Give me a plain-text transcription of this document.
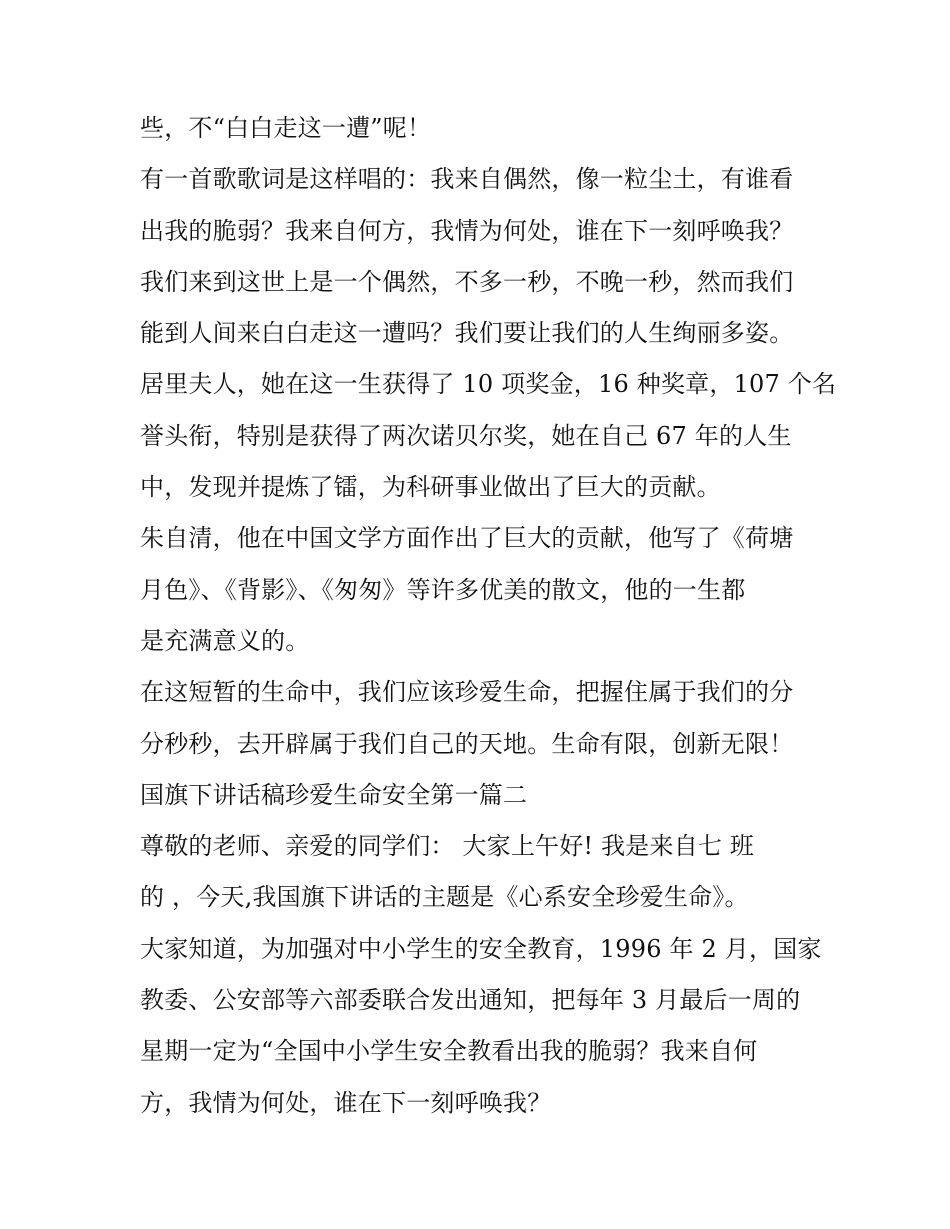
些，不“白白走这一遭”呢！
有一首歌歌词是这样唱的：我来自偶然，像一粒尘土，有谁看
出我的脆弱？我来自何方，我情为何处，谁在下一刻呼唤我？
我们来到这世上是一个偶然，不多一秒，不晚一秒，然而我们
能到人间来白白走这一遭吗？我们要让我们的人生绚丽多姿。
居里夫人，她在这一生获得了 10 项奖金，16 种奖章，107 个名
誉头衔，特别是获得了两次诺贝尔奖，她在自己 67 年的人生
中，发现并提炼了镭，为科研事业做出了巨大的贡献。
朱自清，他在中国文学方面作出了巨大的贡献，他写了《荷塘
月色》、《背影》、《匆匆》等许多优美的散文，他的一生都
是充满意义的。
在这短暂的生命中，我们应该珍爱生命，把握住属于我们的分
分秒秒，去开辟属于我们自己的天地。生命有限，创新无限！
国旗下讲话稿珍爱生命安全第一篇二
尊敬的老师、亲爱的同学们： 大家上午好! 我是来自七 班
的 ，今天,我国旗下讲话的主题是《心系安全珍爱生命》。
大家知道，为加强对中小学生的安全教育，1996 年 2 月，国家
教委、公安部等六部委联合发出通知，把每年 3 月最后一周的
星期一定为“全国中小学生安全教看出我的脆弱？我来自何
方，我情为何处，谁在下一刻呼唤我？
